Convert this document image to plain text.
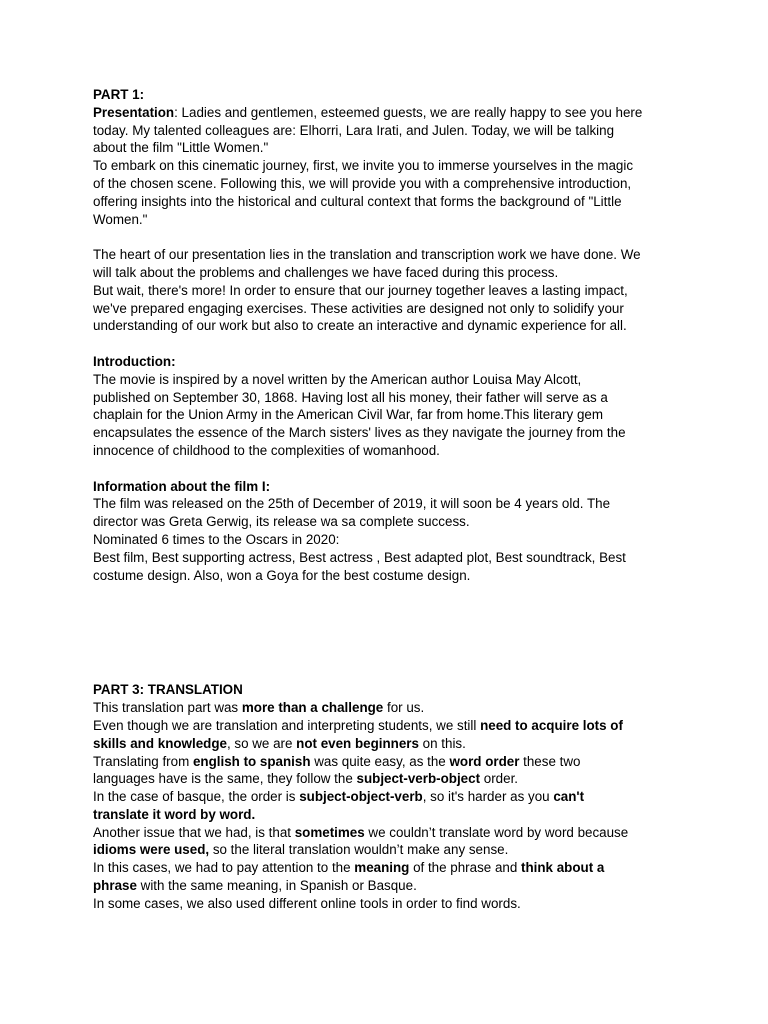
PART 1:
Presentation: Ladies and gentlemen, esteemed guests, we are really happy to see you here
today. My talented colleagues are: Elhorri, Lara Irati, and Julen. Today, we will be talking
about the film "Little Women."
To embark on this cinematic journey, first, we invite you to immerse yourselves in the magic
of the chosen scene. Following this, we will provide you with a comprehensive introduction,
offering insights into the historical and cultural context that forms the background of "Little
Women."
The heart of our presentation lies in the translation and transcription work we have done. We
will talk about the problems and challenges we have faced during this process.
But wait, there's more! In order to ensure that our journey together leaves a lasting impact,
we've prepared engaging exercises. These activities are designed not only to solidify your
understanding of our work but also to create an interactive and dynamic experience for all.
Introduction:
The movie is inspired by a novel written by the American author Louisa May Alcott,
published on September 30, 1868. Having lost all his money, their father will serve as a
chaplain for the Union Army in the American Civil War, far from home.This literary gem
encapsulates the essence of the March sisters' lives as they navigate the journey from the
innocence of childhood to the complexities of womanhood.
Information about the film I:
The film was released on the 25th of December of 2019, it will soon be 4 years old. The
director was Greta Gerwig, its release wa sa complete success.
Nominated 6 times to the Oscars in 2020:
Best film, Best supporting actress, Best actress , Best adapted plot, Best soundtrack, Best
costume design. Also, won a Goya for the best costume design.
PART 3: TRANSLATION
This translation part was more than a challenge for us.
Even though we are translation and interpreting students, we still need to acquire lots of
skills and knowledge, so we are not even beginners on this.
Translating from english to spanish was quite easy, as the word order these two
languages have is the same, they follow the subject-verb-object order.
In the case of basque, the order is subject-object-verb, so it's harder as you can't
translate it word by word.
Another issue that we had, is that sometimes we couldn’t translate word by word because
idioms were used, so the literal translation wouldn’t make any sense.
In this cases, we had to pay attention to the meaning of the phrase and think about a
phrase with the same meaning, in Spanish or Basque.
In some cases, we also used different online tools in order to find words.
